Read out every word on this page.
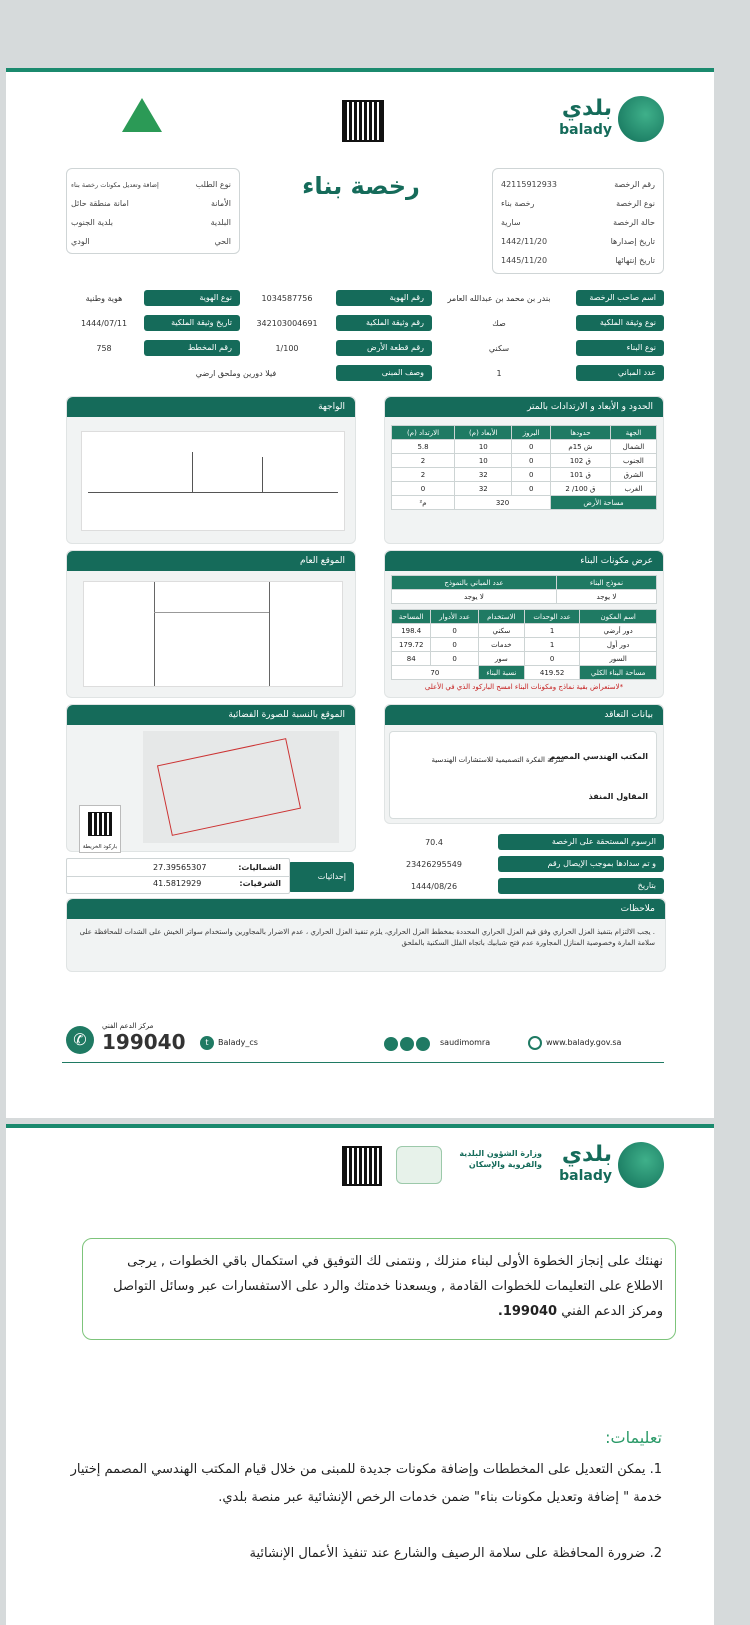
بلدي
balady
نوع الطلب
إضافة وتعديل مكونات رخصة بناء
الأمانة
امانة منطقة حائل
البلدية
بلدية الجنوب
الحي
الودي
رخصة بناء	رقم الرخصة
42115912933
نوع الرخصة
رخصة بناء
حالة الرخصة
سارية
تاريخ إصدارها
1442/11/20
تاريخ إنتهائها
1445/11/20
اسم صاحب الرخصة
بندر بن محمد بن عبدالله العامر
رقم الهوية
1034587756
نوع الهوية
هوية وطنية
نوع وثيقة الملكية
صك
رقم وثيقة الملكية
342103004691
تاريخ وثيقة الملكية
1444/07/11
نوع البناء
سكني
رقم قطعة الأرض
1/100
رقم المخطط
758
عدد المباني
1
وصف المبنى
فيلا دورين وملحق ارضي
الواجهة	الحدود و الأبعاد و الارتدادات بالمتر
الجهة	حدودها	البروز	الأبعاد (م)	الارتداد (م)
الشمال	ش 15م	0	10	5.8
الجنوب	ق 102	0	10	2
الشرق	ق 101	0	32	2
الغرب	ق 100/ 2	0	32	0
مساحة الأرض		320		م²
الموقع العام	عرض مكونات البناء
نموذج البناء	عدد المباني بالنموذج
لا يوجد	لا يوجد
اسم المكون	عدد الوحدات	الاستخدام	عدد الأدوار	المساحة
دور أرضي	1	سكني	0	198.4
دور أول	1	خدمات	0	179.72
السور	0	سور	0	84
مساحة البناء الكلي	419.52	نسبة البناء	70	
*لاستعراض بقية نماذج ومكونات البناء امسح الباركود الذي في الأعلى
الموقع بالنسبة للصورة الفضائية
باركود الخريطة
بيانات التعاقد
المكتب الهندسي المصمم
شركة الفكرة التصميمية للاستشارات الهندسية
المقاول المنفذ
الرسوم المستحقة على الرخصة
70.4
و تم سدادها بموجب الإيصال رقم
23426295549
بتاريخ
1444/08/26
إحداثيات
الشماليات:
27.39565307
الشرقيات:
41.5812929
ملاحظات
. يجب الالتزام بتنفيذ العزل الحراري وفق قيم العزل الحراري المحددة بمخطط العزل الحراري، يلزم تنفيذ العزل الحراري ، عدم الاضرار بالمجاورين واستخدام سواتر الخيش على الشدات للمحافظة على سلامة المارة وخصوصية المنازل المجاورة عدم فتح شبابيك باتجاه الفلل السكنية بالملحق
✆
مركز الدعم الفني
199040	t	Balady_cs	saudimomra	www.balady.gov.sa
بلدي
balady
وزارة الشؤون البلدية والقروية والإسكان
نهنئك على إنجاز الخطوة الأولى لبناء منزلك , ونتمنى لك التوفيق في استكمال باقي الخطوات , يرجى الاطلاع على التعليمات للخطوات القادمة , ويسعدنا خدمتك والرد على الاستفسارات عبر وسائل التواصل ومركز الدعم الفني 199040.
تعليمات:
1. يمكن التعديل على المخططات وإضافة مكونات جديدة للمبنى من خلال قيام المكتب الهندسي المصمم إختيار خدمة " إضافة وتعديل مكونات بناء" ضمن خدمات الرخص الإنشائية عبر منصة بلدي.
2. ضرورة المحافظة على سلامة الرصيف والشارع عند تنفيذ الأعمال الإنشائية
